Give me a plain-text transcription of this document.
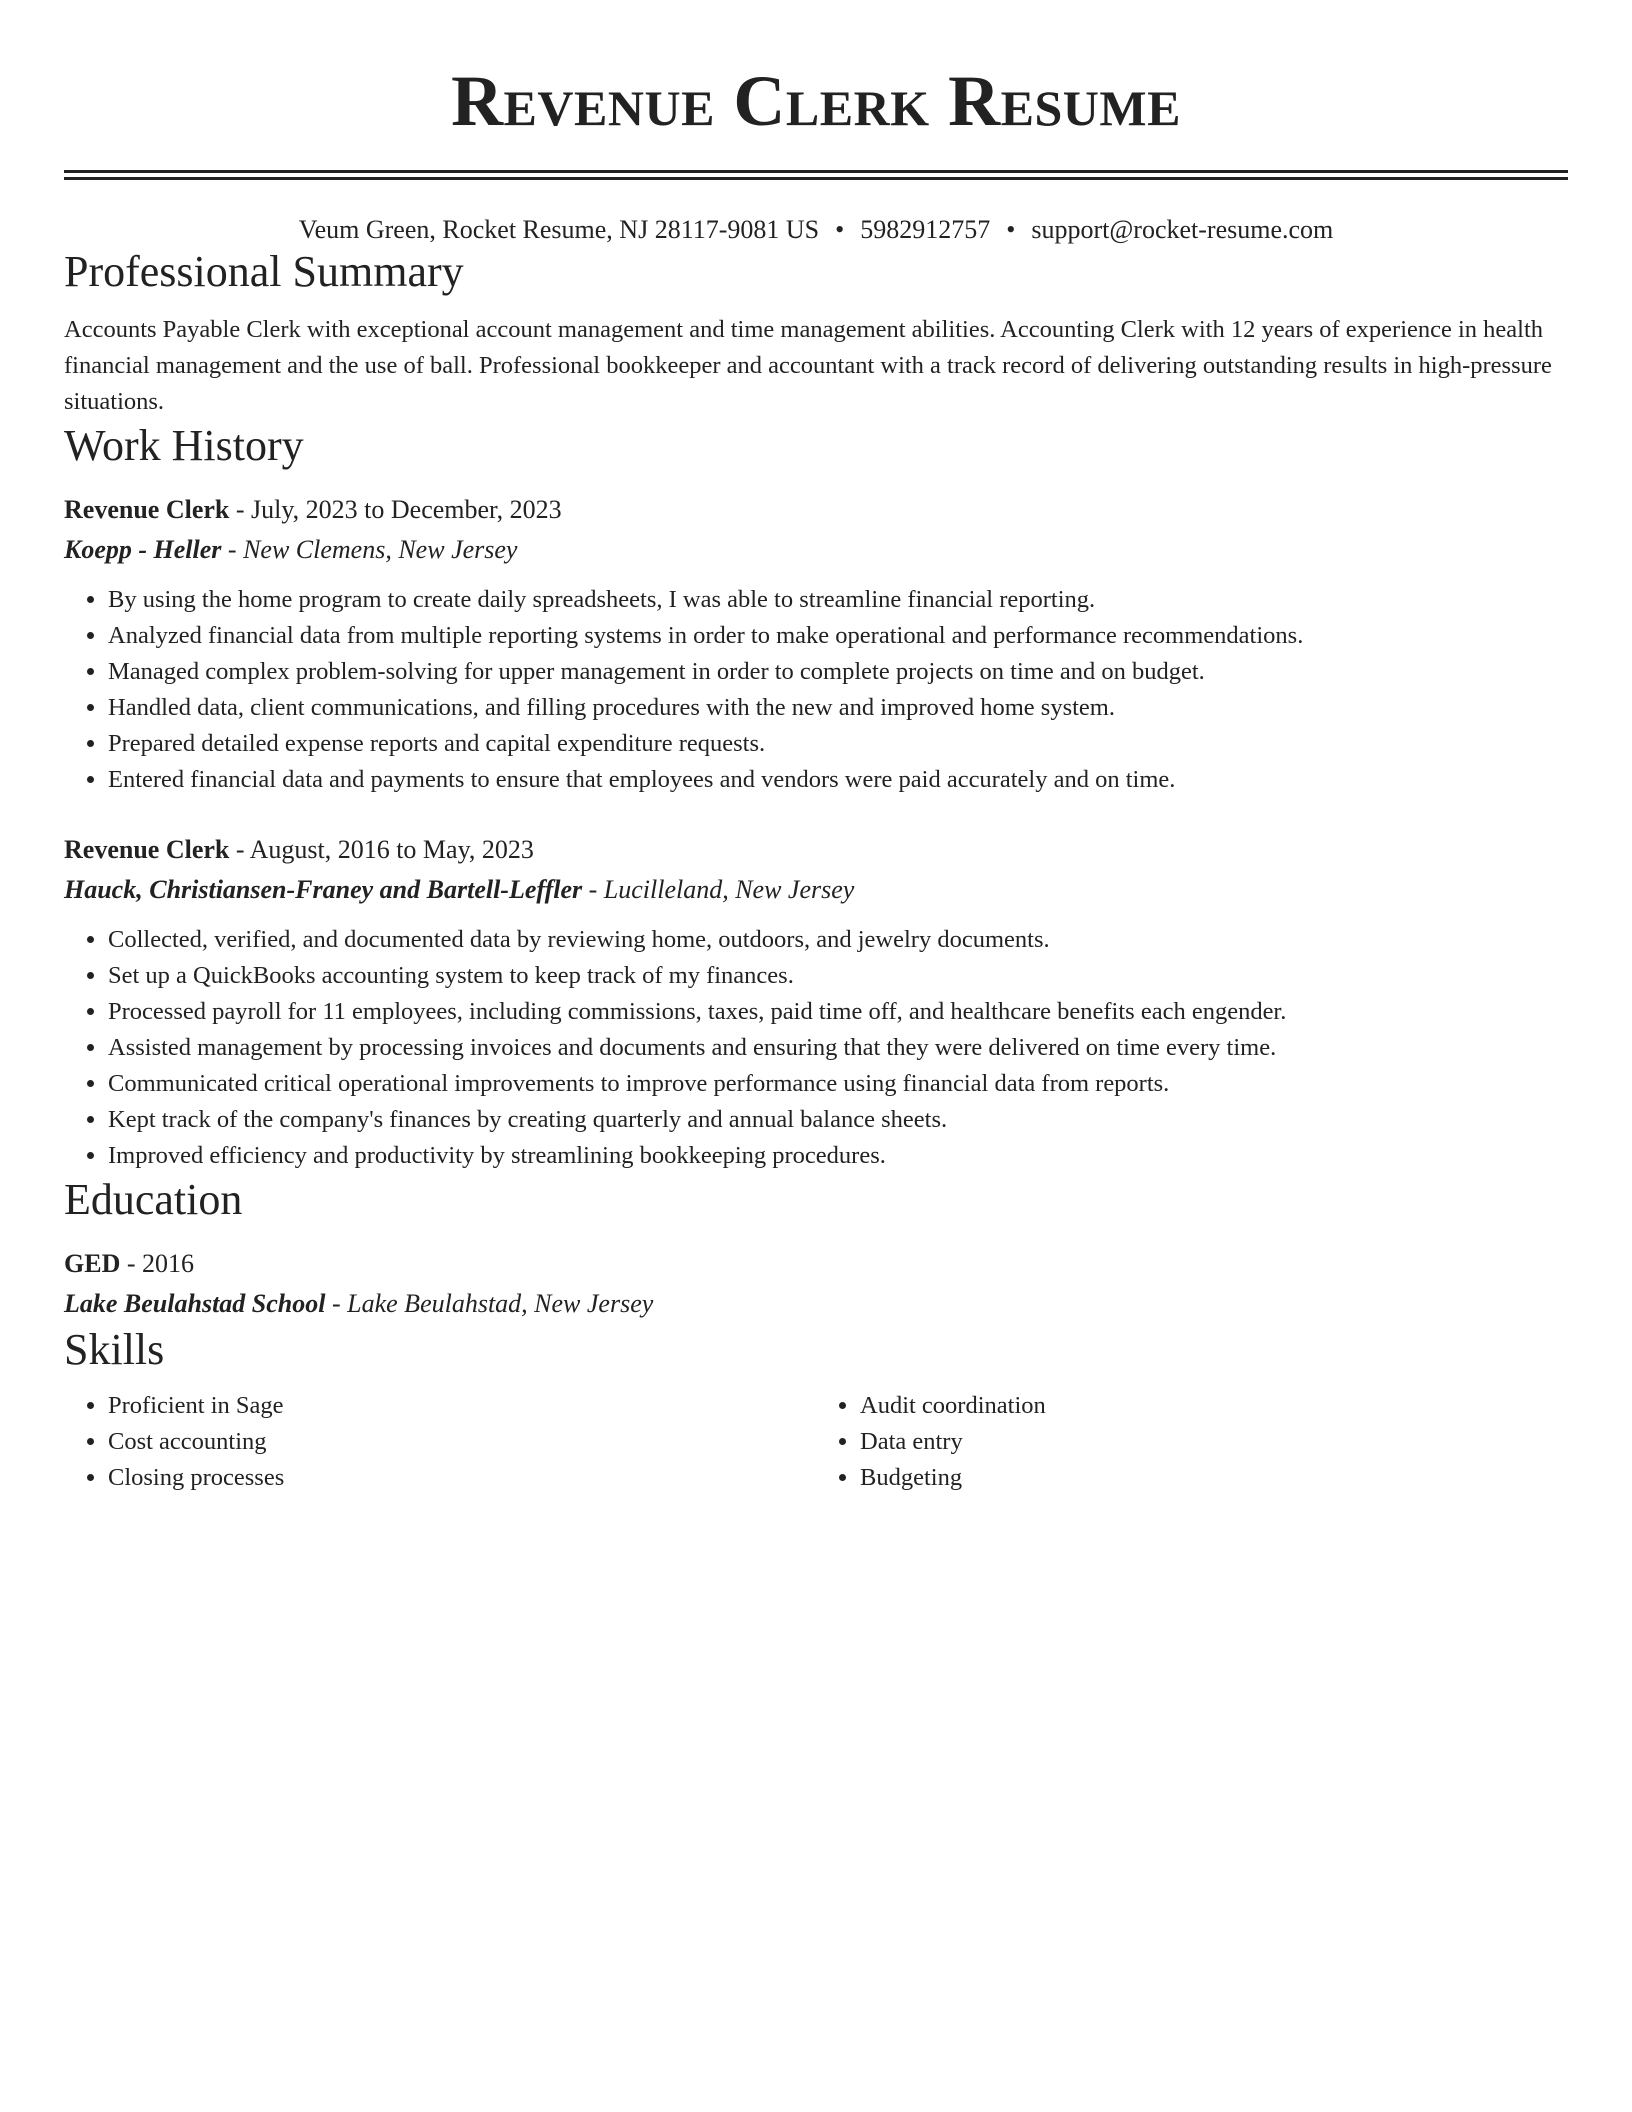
Revenue Clerk Resume
Veum Green, Rocket Resume, NJ 28117-9081 US • 5982912757 • support@rocket-resume.com
Professional Summary
Accounts Payable Clerk with exceptional account management and time management abilities. Accounting Clerk with 12 years of experience in health financial management and the use of ball. Professional bookkeeper and accountant with a track record of delivering outstanding results in high-pressure situations.
Work History
Revenue Clerk - July, 2023 to December, 2023
Koepp - Heller - New Clemens, New Jersey
• By using the home program to create daily spreadsheets, I was able to streamline financial reporting.
• Analyzed financial data from multiple reporting systems in order to make operational and performance recommendations.
• Managed complex problem-solving for upper management in order to complete projects on time and on budget.
• Handled data, client communications, and filling procedures with the new and improved home system.
• Prepared detailed expense reports and capital expenditure requests.
• Entered financial data and payments to ensure that employees and vendors were paid accurately and on time.
Revenue Clerk - August, 2016 to May, 2023
Hauck, Christiansen-Franey and Bartell-Leffler - Lucilleland, New Jersey
• Collected, verified, and documented data by reviewing home, outdoors, and jewelry documents.
• Set up a QuickBooks accounting system to keep track of my finances.
• Processed payroll for 11 employees, including commissions, taxes, paid time off, and healthcare benefits each engender.
• Assisted management by processing invoices and documents and ensuring that they were delivered on time every time.
• Communicated critical operational improvements to improve performance using financial data from reports.
• Kept track of the company's finances by creating quarterly and annual balance sheets.
• Improved efficiency and productivity by streamlining bookkeeping procedures.
Education
GED - 2016
Lake Beulahstad School - Lake Beulahstad, New Jersey
Skills
• Proficient in Sage
• Cost accounting
• Closing processes
• Audit coordination
• Data entry
• Budgeting
